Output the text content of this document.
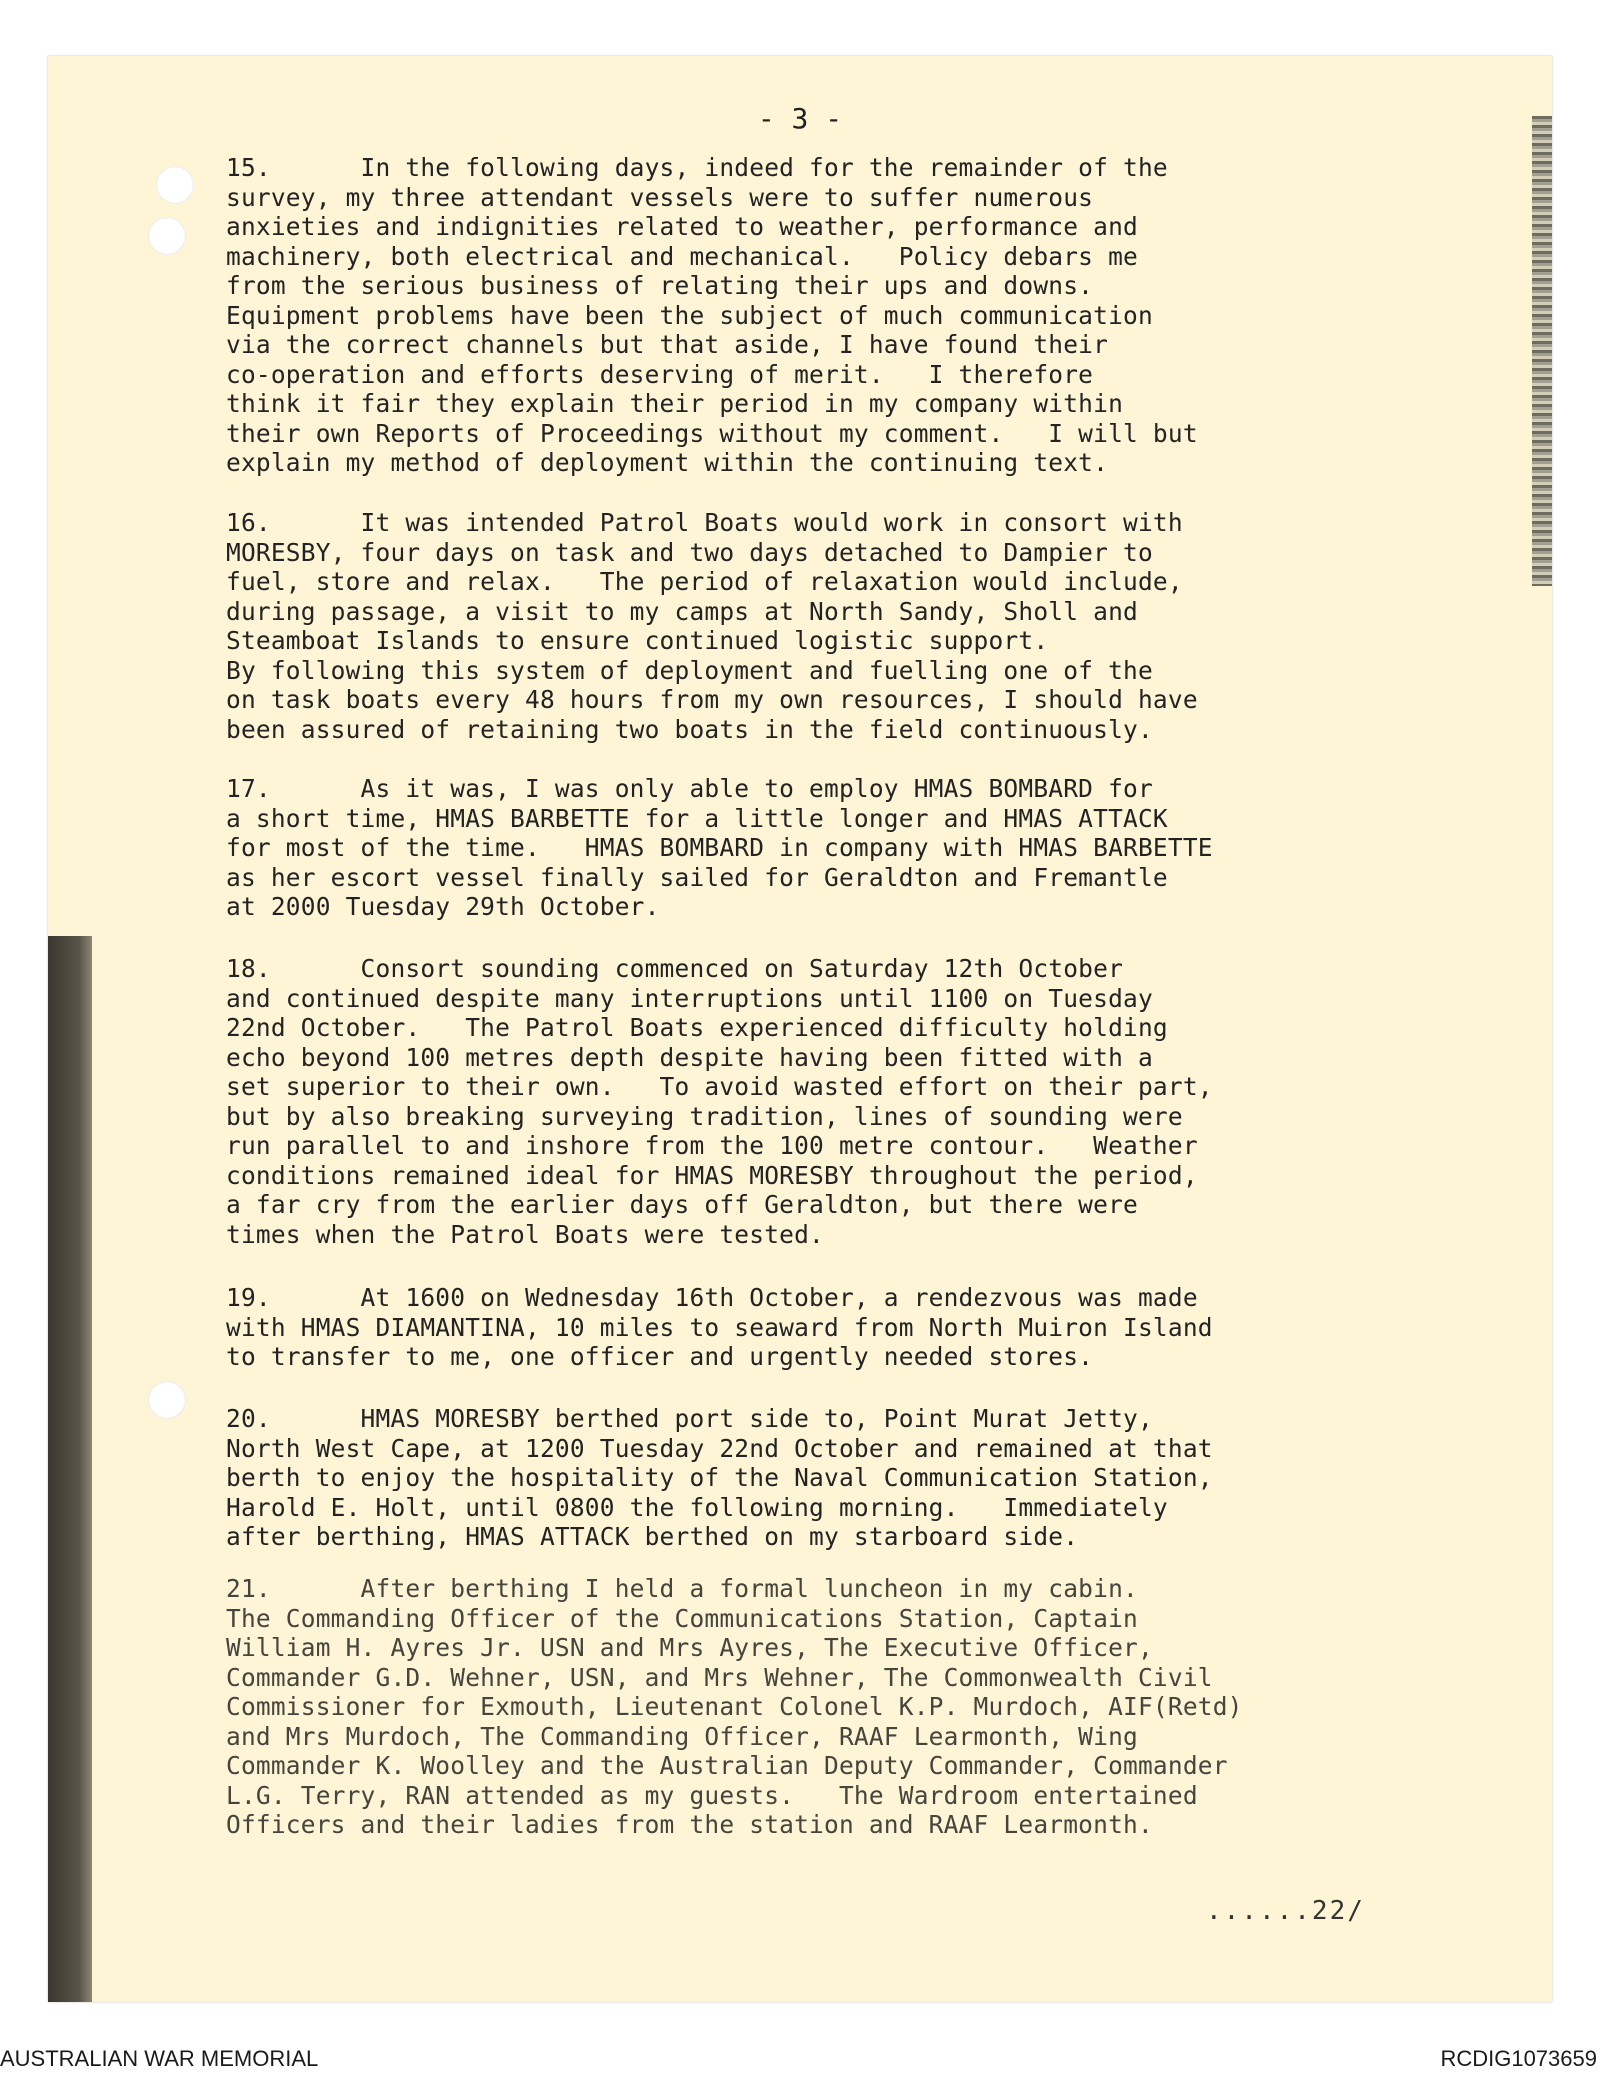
- 3 -
15.      In the following days, indeed for the remainder of the
survey, my three attendant vessels were to suffer numerous
anxieties and indignities related to weather, performance and
machinery, both electrical and mechanical.   Policy debars me
from the serious business of relating their ups and downs.
Equipment problems have been the subject of much communication
via the correct channels but that aside, I have found their
co-operation and efforts deserving of merit.   I therefore
think it fair they explain their period in my company within
their own Reports of Proceedings without my comment.   I will but
explain my method of deployment within the continuing text.
16.      It was intended Patrol Boats would work in consort with
MORESBY, four days on task and two days detached to Dampier to
fuel, store and relax.   The period of relaxation would include,
during passage, a visit to my camps at North Sandy, Sholl and
Steamboat Islands to ensure continued logistic support.
By following this system of deployment and fuelling one of the
on task boats every 48 hours from my own resources, I should have
been assured of retaining two boats in the field continuously.
17.      As it was, I was only able to employ HMAS BOMBARD for
a short time, HMAS BARBETTE for a little longer and HMAS ATTACK
for most of the time.   HMAS BOMBARD in company with HMAS BARBETTE
as her escort vessel finally sailed for Geraldton and Fremantle
at 2000 Tuesday 29th October.
18.      Consort sounding commenced on Saturday 12th October
and continued despite many interruptions until 1100 on Tuesday
22nd October.   The Patrol Boats experienced difficulty holding
echo beyond 100 metres depth despite having been fitted with a
set superior to their own.   To avoid wasted effort on their part,
but by also breaking surveying tradition, lines of sounding were
run parallel to and inshore from the 100 metre contour.   Weather
conditions remained ideal for HMAS MORESBY throughout the period,
a far cry from the earlier days off Geraldton, but there were
times when the Patrol Boats were tested.
19.      At 1600 on Wednesday 16th October, a rendezvous was made
with HMAS DIAMANTINA, 10 miles to seaward from North Muiron Island
to transfer to me, one officer and urgently needed stores.
20.      HMAS MORESBY berthed port side to, Point Murat Jetty,
North West Cape, at 1200 Tuesday 22nd October and remained at that
berth to enjoy the hospitality of the Naval Communication Station,
Harold E. Holt, until 0800 the following morning.   Immediately
after berthing, HMAS ATTACK berthed on my starboard side.
21.      After berthing I held a formal luncheon in my cabin.
The Commanding Officer of the Communications Station, Captain
William H. Ayres Jr. USN and Mrs Ayres, The Executive Officer,
Commander G.D. Wehner, USN, and Mrs Wehner, The Commonwealth Civil
Commissioner for Exmouth, Lieutenant Colonel K.P. Murdoch, AIF(Retd)
and Mrs Murdoch, The Commanding Officer, RAAF Learmonth, Wing
Commander K. Woolley and the Australian Deputy Commander, Commander
L.G. Terry, RAN attended as my guests.   The Wardroom entertained
Officers and their ladies from the station and RAAF Learmonth.
......22/
AUSTRALIAN WAR MEMORIAL	RCDIG1073659
